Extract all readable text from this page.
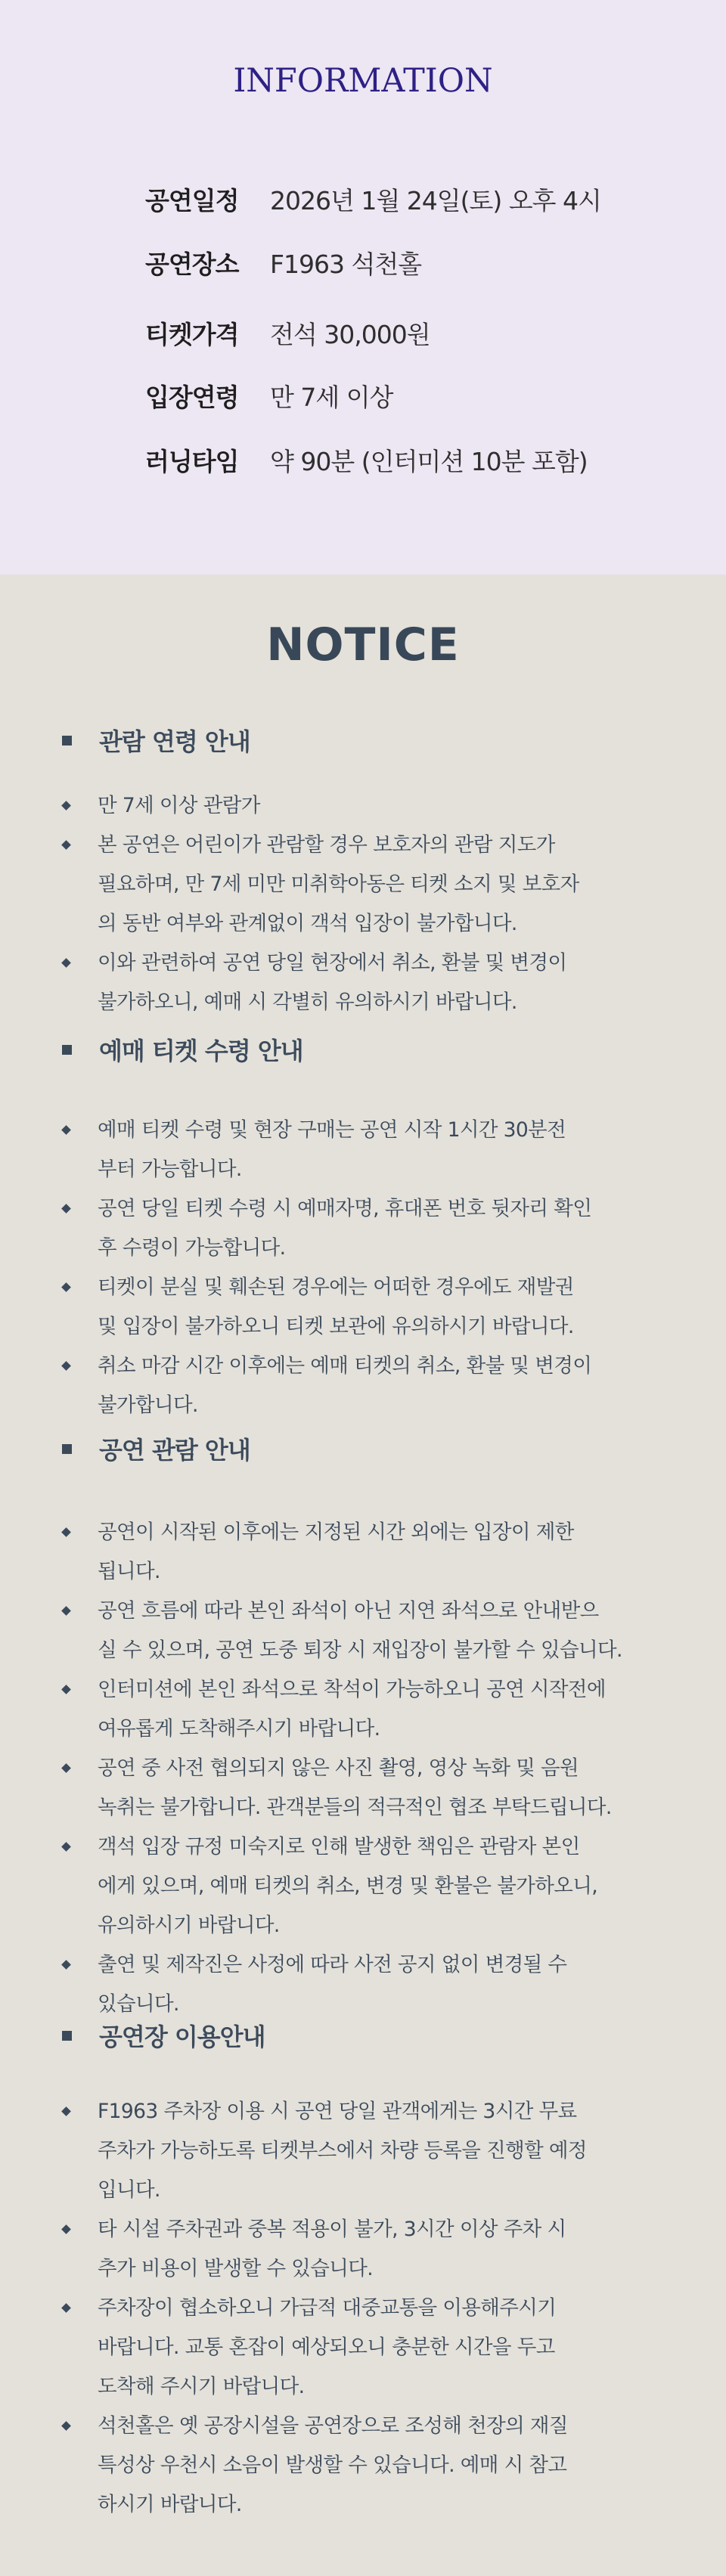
INFORMATION
공연일정	2026년 1월 24일(토) 오후 4시
공연장소	F1963 석천홀
티켓가격	전석 30,000원
입장연령	만 7세 이상
러닝타임	약 90분 (인터미션 10분 포함)
NOTICE
관람 연령 안내
만 7세 이상 관람가
본 공연은 어린이가 관람할 경우 보호자의 관람 지도가
필요하며, 만 7세 미만 미취학아동은 티켓 소지 및 보호자
의 동반 여부와 관계없이 객석 입장이 불가합니다.
이와 관련하여 공연 당일 현장에서 취소, 환불 및 변경이
불가하오니, 예매 시 각별히 유의하시기 바랍니다.
예매 티켓 수령 안내
예매 티켓 수령 및 현장 구매는 공연 시작 1시간 30분전
부터 가능합니다.
공연 당일 티켓 수령 시 예매자명, 휴대폰 번호 뒷자리 확인
후 수령이 가능합니다.
티켓이 분실 및 훼손된 경우에는 어떠한 경우에도 재발권
및 입장이 불가하오니 티켓 보관에 유의하시기 바랍니다.
취소 마감 시간 이후에는 예매 티켓의 취소, 환불 및 변경이
불가합니다.
공연 관람 안내
공연이 시작된 이후에는 지정된 시간 외에는 입장이 제한
됩니다.
공연 흐름에 따라 본인 좌석이 아닌 지연 좌석으로 안내받으
실 수 있으며, 공연 도중 퇴장 시 재입장이 불가할 수 있습니다.
인터미션에 본인 좌석으로 착석이 가능하오니 공연 시작전에
여유롭게 도착해주시기 바랍니다.
공연 중 사전 협의되지 않은 사진 촬영, 영상 녹화 및 음원
녹취는 불가합니다. 관객분들의 적극적인 협조 부탁드립니다.
객석 입장 규정 미숙지로 인해 발생한 책임은 관람자 본인
에게 있으며, 예매 티켓의 취소, 변경 및 환불은 불가하오니,
유의하시기 바랍니다.
출연 및 제작진은 사정에 따라 사전 공지 없이 변경될 수
있습니다.
공연장 이용안내
F1963 주차장 이용 시 공연 당일 관객에게는 3시간 무료
주차가 가능하도록 티켓부스에서 차량 등록을 진행할 예정
입니다.
타 시설 주차권과 중복 적용이 불가, 3시간 이상 주차 시
추가 비용이 발생할 수 있습니다.
주차장이 협소하오니 가급적 대중교통을 이용해주시기
바랍니다. 교통 혼잡이 예상되오니 충분한 시간을 두고
도착해 주시기 바랍니다.
석천홀은 옛 공장시설을 공연장으로 조성해 천장의 재질
특성상 우천시 소음이 발생할 수 있습니다. 예매 시 참고
하시기 바랍니다.
